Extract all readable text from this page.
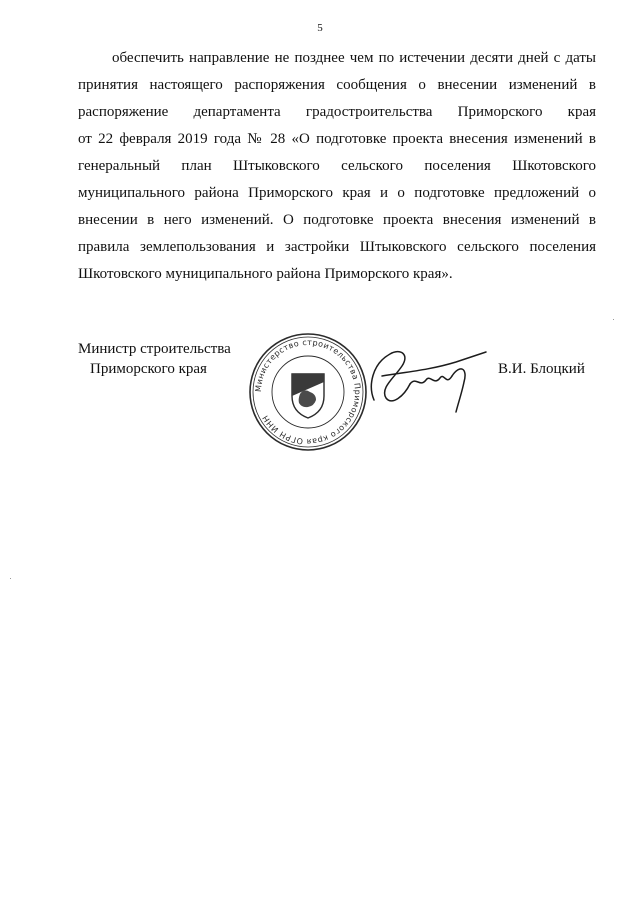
5
обеспечить направление не позднее чем по истечении десяти дней с даты
принятия настоящего распоряжения сообщения о внесении изменений в
распоряжение департамента градостроительства Приморского края
от 22 февраля 2019 года № 28 «О подготовке проекта внесения изменений в
генеральный план Штыковского сельского поселения Шкотовского
муниципального района Приморского края и о подготовке предложений о
внесении в него изменений. О подготовке проекта внесения изменений в
правила землепользования и застройки Штыковского сельского поселения
Шкотовского муниципального района Приморского края».
Министр строительства
Приморского края
Министерство строительства Приморского края ОГРН ИНН
В.И. Блоцкий
